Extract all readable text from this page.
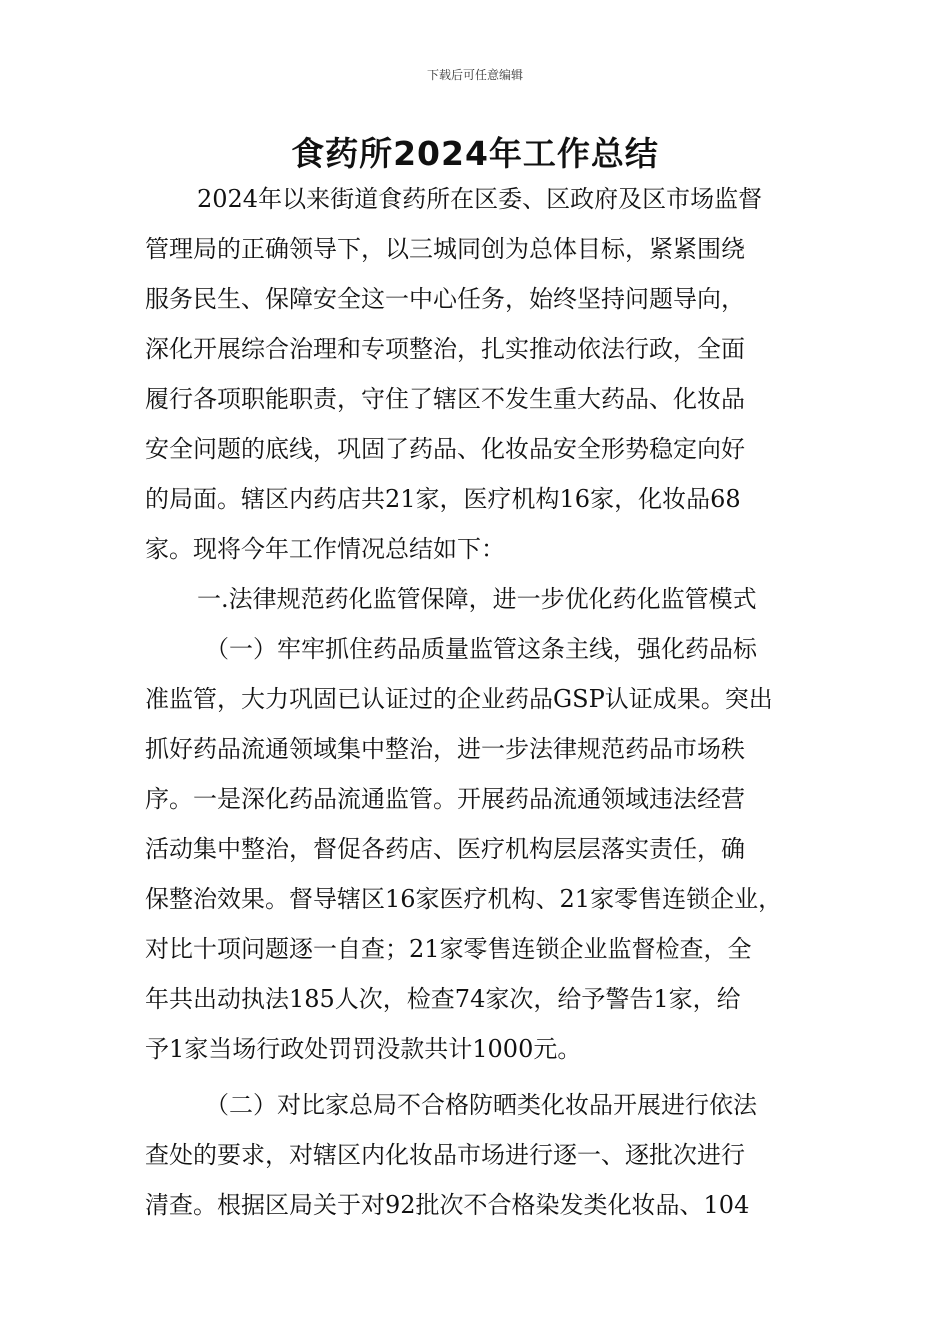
下载后可任意编辑
食药所2024年工作总结
2024年以来街道食药所在区委、区政府及区市场监督
管理局的正确领导下，以三城同创为总体目标，紧紧围绕
服务民生、保障安全这一中心任务，始终坚持问题导向，
深化开展综合治理和专项整治，扎实推动依法行政，全面
履行各项职能职责，守住了辖区不发生重大药品、化妆品
安全问题的底线，巩固了药品、化妆品安全形势稳定向好
的局面。辖区内药店共21家，医疗机构16家，化妆品68
家。现将今年工作情况总结如下：
一.法律规范药化监管保障，进一步优化药化监管模式
（一）牢牢抓住药品质量监管这条主线，强化药品标
准监管，大力巩固已认证过的企业药品GSP认证成果。突出
抓好药品流通领域集中整治，进一步法律规范药品市场秩
序。一是深化药品流通监管。开展药品流通领域违法经营
活动集中整治，督促各药店、医疗机构层层落实责任，确
保整治效果。督导辖区16家医疗机构、21家零售连锁企业，
对比十项问题逐一自查；21家零售连锁企业监督检查，全
年共出动执法185人次，检查74家次，给予警告1家，给
予1家当场行政处罚罚没款共计1000元。
（二）对比家总局不合格防晒类化妆品开展进行依法
查处的要求，对辖区内化妆品市场进行逐一、逐批次进行
清查。根据区局关于对92批次不合格染发类化妆品、104
